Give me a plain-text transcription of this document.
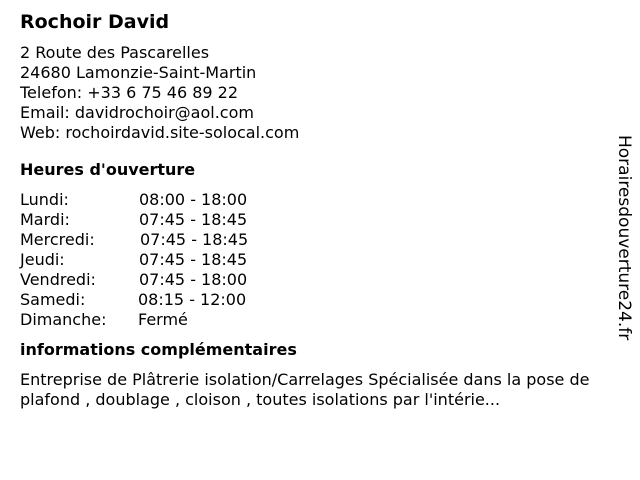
Rochoir David
2 Route des Pascarelles
24680 Lamonzie-Saint-Martin
Telefon: +33 6 75 46 89 22
Email: davidrochoir@aol.com
Web: rochoirdavid.site-solocal.com
Heures d'ouverture
Lundi:	08:00 - 18:00
Mardi:	07:45 - 18:45
Mercredi:	07:45 - 18:45
Jeudi:	07:45 - 18:45
Vendredi:	07:45 - 18:00
Samedi:	08:15 - 12:00
Dimanche: Fermé
informations complémentaires

Entreprise de Plâtrerie isolation/Carrelages Spécialisée dans la pose de plafond , doublage , cloison , toutes isolations par l'intérie...

Horairesdouverture24.fr
